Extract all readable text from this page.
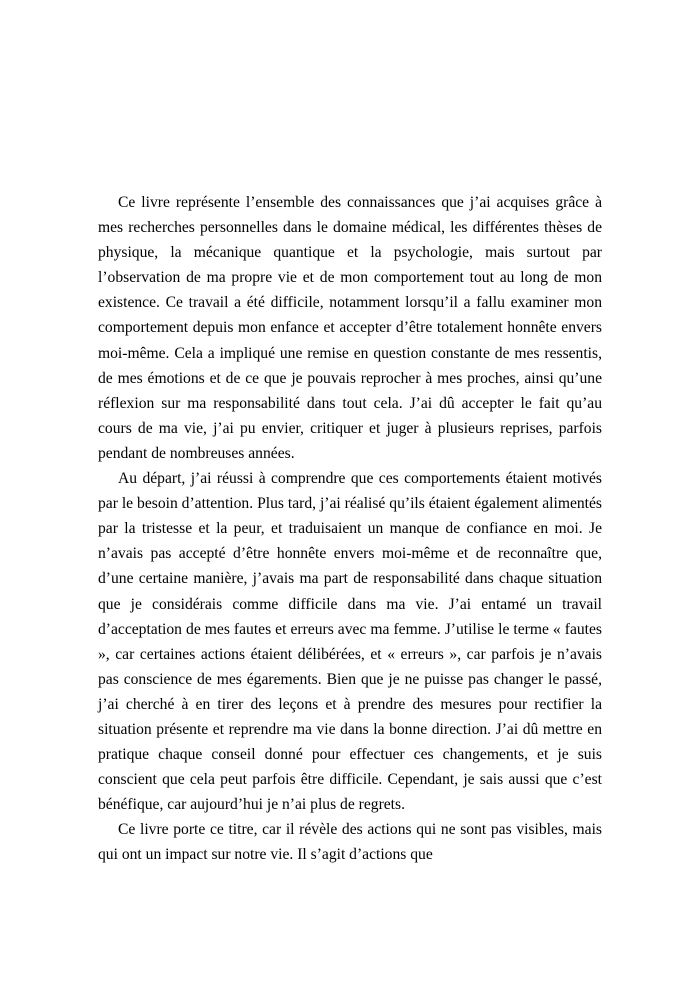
Ce livre représente l’ensemble des connaissances que j’ai acquises grâce à mes recherches personnelles dans le domaine médical, les différentes thèses de physique, la mécanique quantique et la psychologie, mais surtout par l’observation de ma propre vie et de mon comportement tout au long de mon existence. Ce travail a été difficile, notamment lorsqu’il a fallu examiner mon comportement depuis mon enfance et accepter d’être totalement honnête envers moi-même. Cela a impliqué une remise en question constante de mes ressentis, de mes émotions et de ce que je pouvais reprocher à mes proches, ainsi qu’une réflexion sur ma responsabilité dans tout cela. J’ai dû accepter le fait qu’au cours de ma vie, j’ai pu envier, critiquer et juger à plusieurs reprises, parfois pendant de nombreuses années.

Au départ, j’ai réussi à comprendre que ces comportements étaient motivés par le besoin d’attention. Plus tard, j’ai réalisé qu’ils étaient également alimentés par la tristesse et la peur, et traduisaient un manque de confiance en moi. Je n’avais pas accepté d’être honnête envers moi-même et de reconnaître que, d’une certaine manière, j’avais ma part de responsabilité dans chaque situation que je considérais comme difficile dans ma vie. J’ai entamé un travail d’acceptation de mes fautes et erreurs avec ma femme. J’utilise le terme « fautes », car certaines actions étaient délibérées, et « erreurs », car parfois je n’avais pas conscience de mes égarements. Bien que je ne puisse pas changer le passé, j’ai cherché à en tirer des leçons et à prendre des mesures pour rectifier la situation présente et reprendre ma vie dans la bonne direction. J’ai dû mettre en pratique chaque conseil donné pour effectuer ces changements, et je suis conscient que cela peut parfois être difficile. Cependant, je sais aussi que c’est bénéfique, car aujourd’hui je n’ai plus de regrets.

Ce livre porte ce titre, car il révèle des actions qui ne sont pas visibles, mais qui ont un impact sur notre vie. Il s’agit d’actions que
